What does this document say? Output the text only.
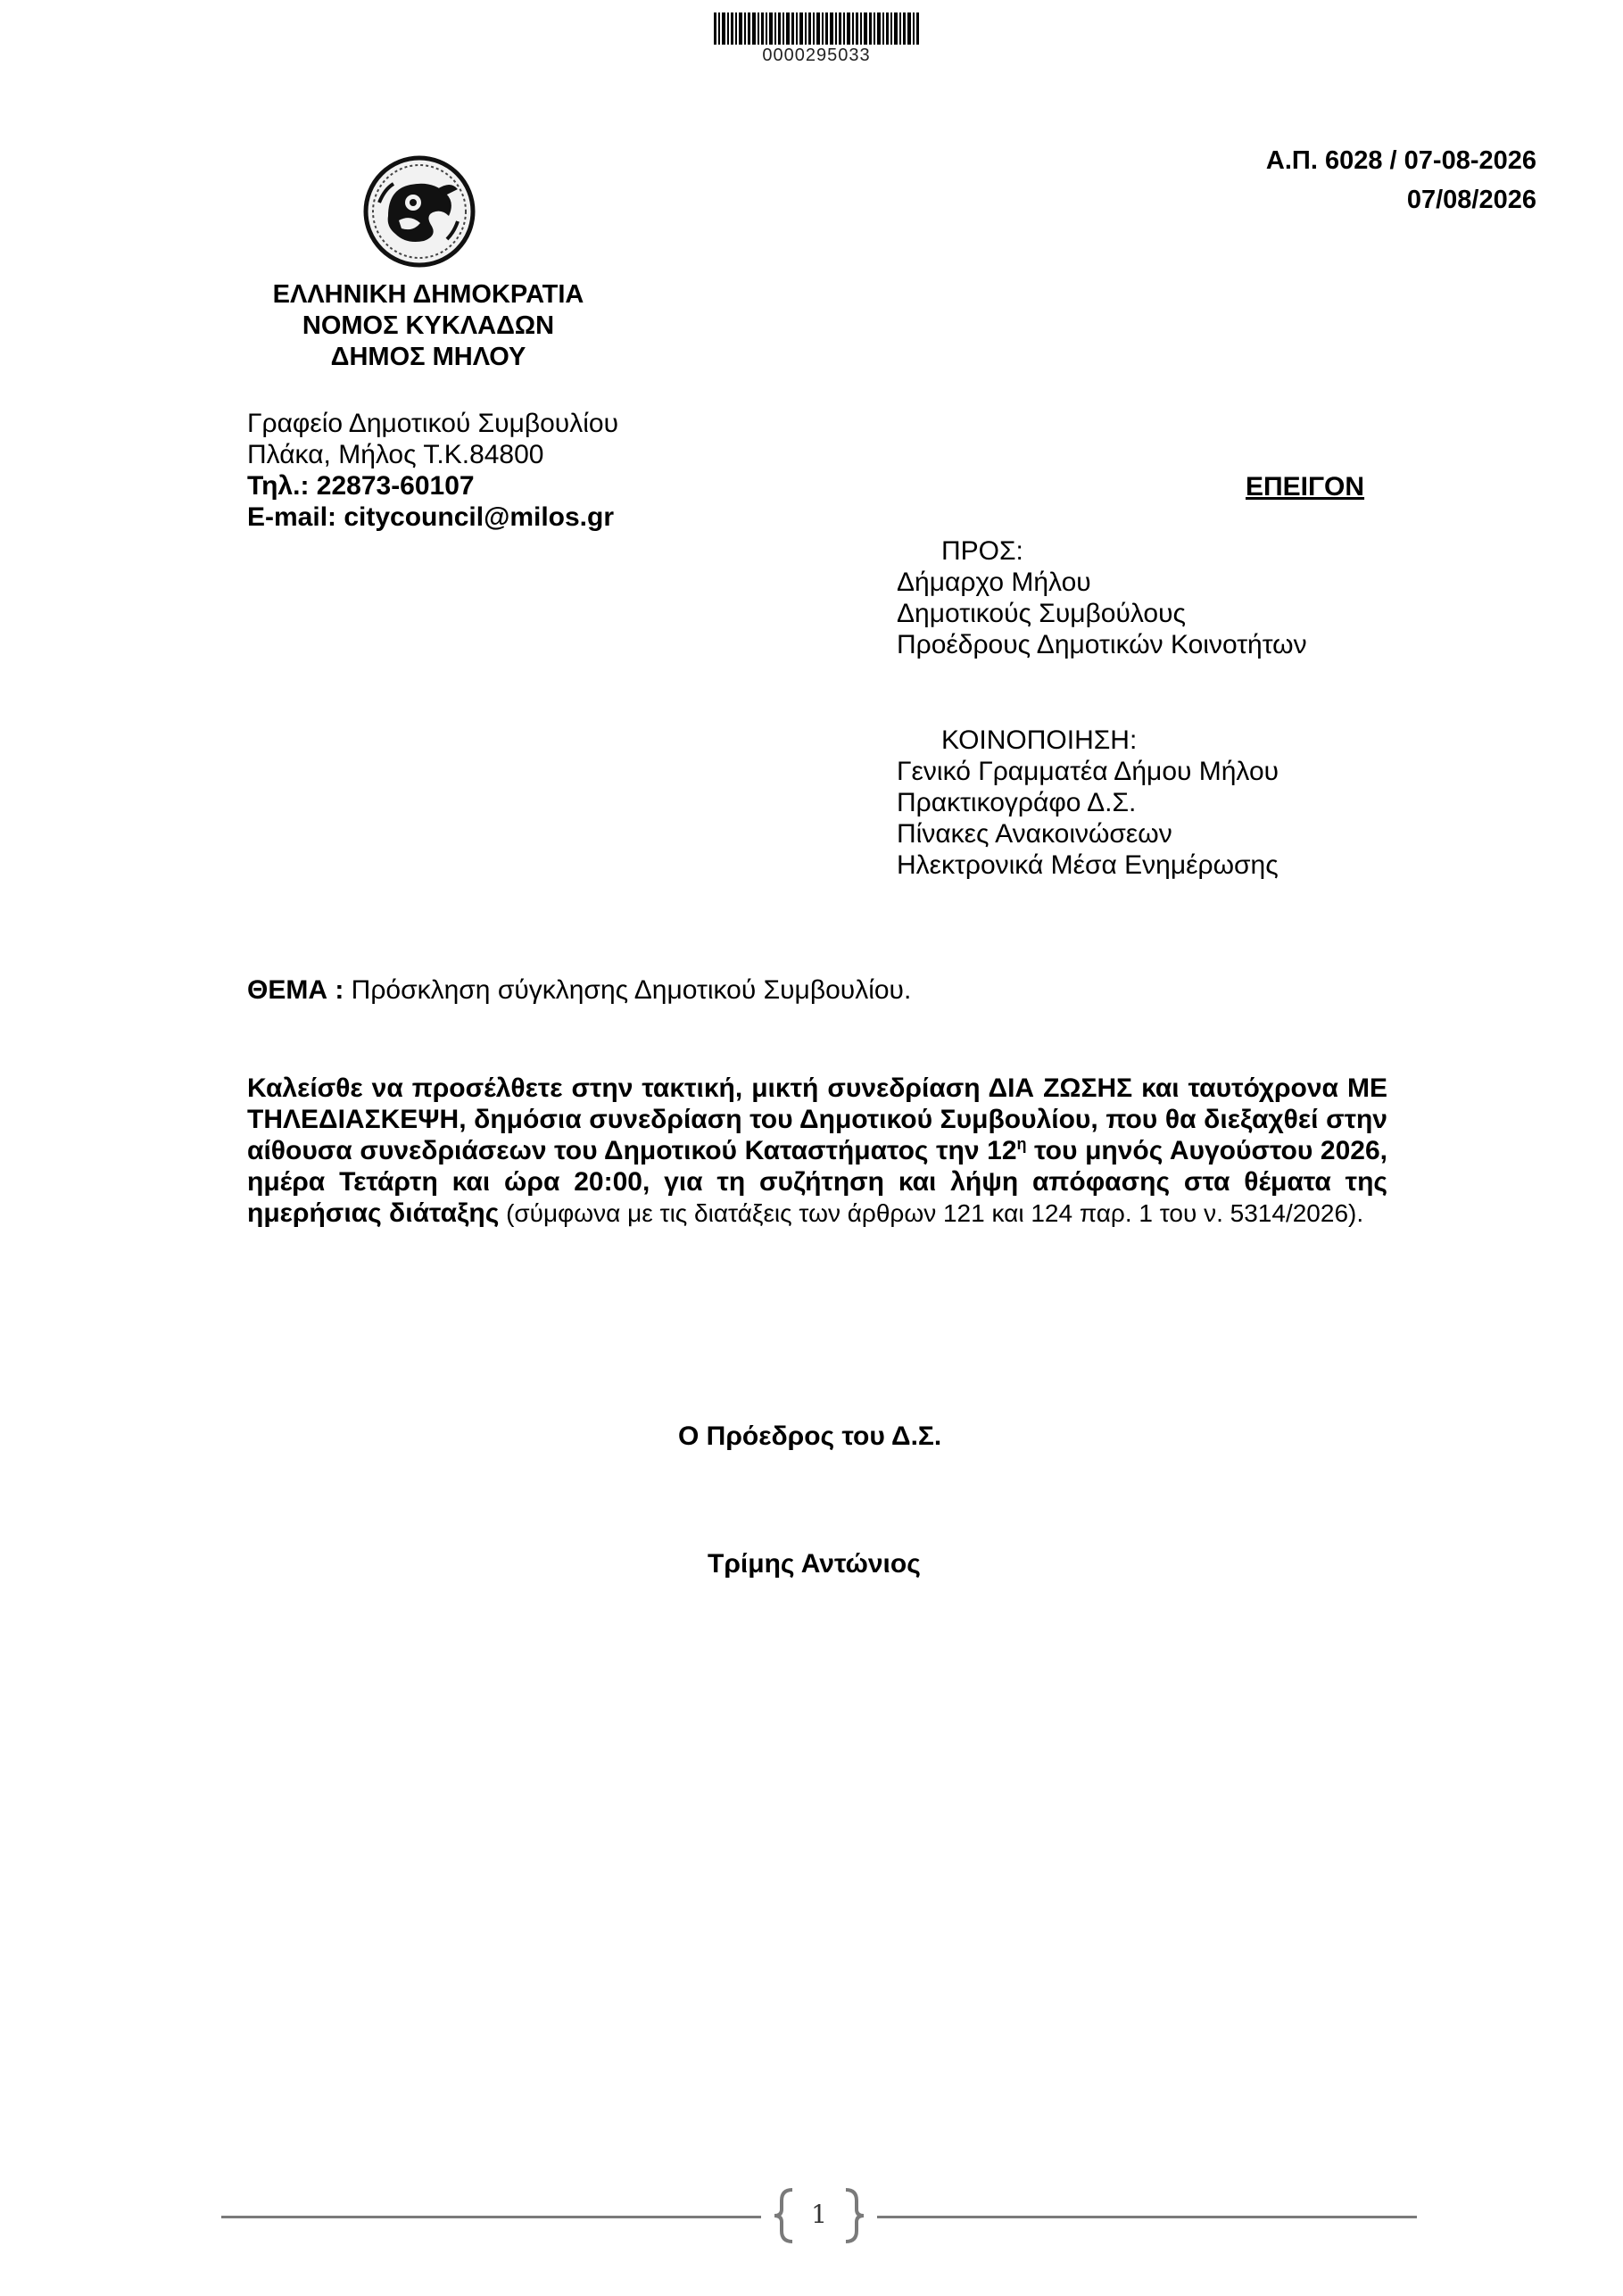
0000295033
Α.Π. 6028 / 07-08-2026
07/08/2026
ΕΛΛΗΝΙΚΗ ΔΗΜΟΚΡΑΤΙΑ
ΝΟΜΟΣ ΚΥΚΛΑΔΩΝ
ΔΗΜΟΣ ΜΗΛΟΥ
Γραφείο Δημοτικού Συμβουλίου
Πλάκα, Μήλος Τ.Κ.84800
Τηλ.: 22873-60107
E-mail: citycouncil@milos.gr
ΕΠΕΙΓΟΝ
ΠΡΟΣ:
Δήμαρχο Μήλου
Δημοτικούς Συμβούλους
Προέδρους Δημοτικών Κοινοτήτων
ΚΟΙΝΟΠΟΙΗΣΗ:
Γενικό Γραμματέα Δήμου Μήλου
Πρακτικογράφο Δ.Σ.
Πίνακες Ανακοινώσεων
Ηλεκτρονικά Μέσα Ενημέρωσης
ΘΕΜΑ : Πρόσκληση σύγκλησης Δημοτικού Συμβουλίου.
Καλείσθε να προσέλθετε στην τακτική, μικτή συνεδρίαση ΔΙΑ ΖΩΣΗΣ και ταυτόχρονα ΜΕ ΤΗΛΕΔΙΑΣΚΕΨΗ, δημόσια συνεδρίαση του Δημοτικού Συμβουλίου, που θα διεξαχθεί στην αίθουσα συνεδριάσεων του Δημοτικού Καταστήματος την $12^\eta$ του μηνός Αυγούστου 2026, ημέρα Τετάρτη και ώρα 20:00, για τη συζήτηση και λήψη απόφασης στα θέματα της ημερήσιας διάταξης (σύμφωνα με τις διατάξεις των άρθρων 121 και 124 παρ. 1 του ν. 5314/2026).
Ο Πρόεδρος του Δ.Σ.
Τρίμης Αντώνιος
1
